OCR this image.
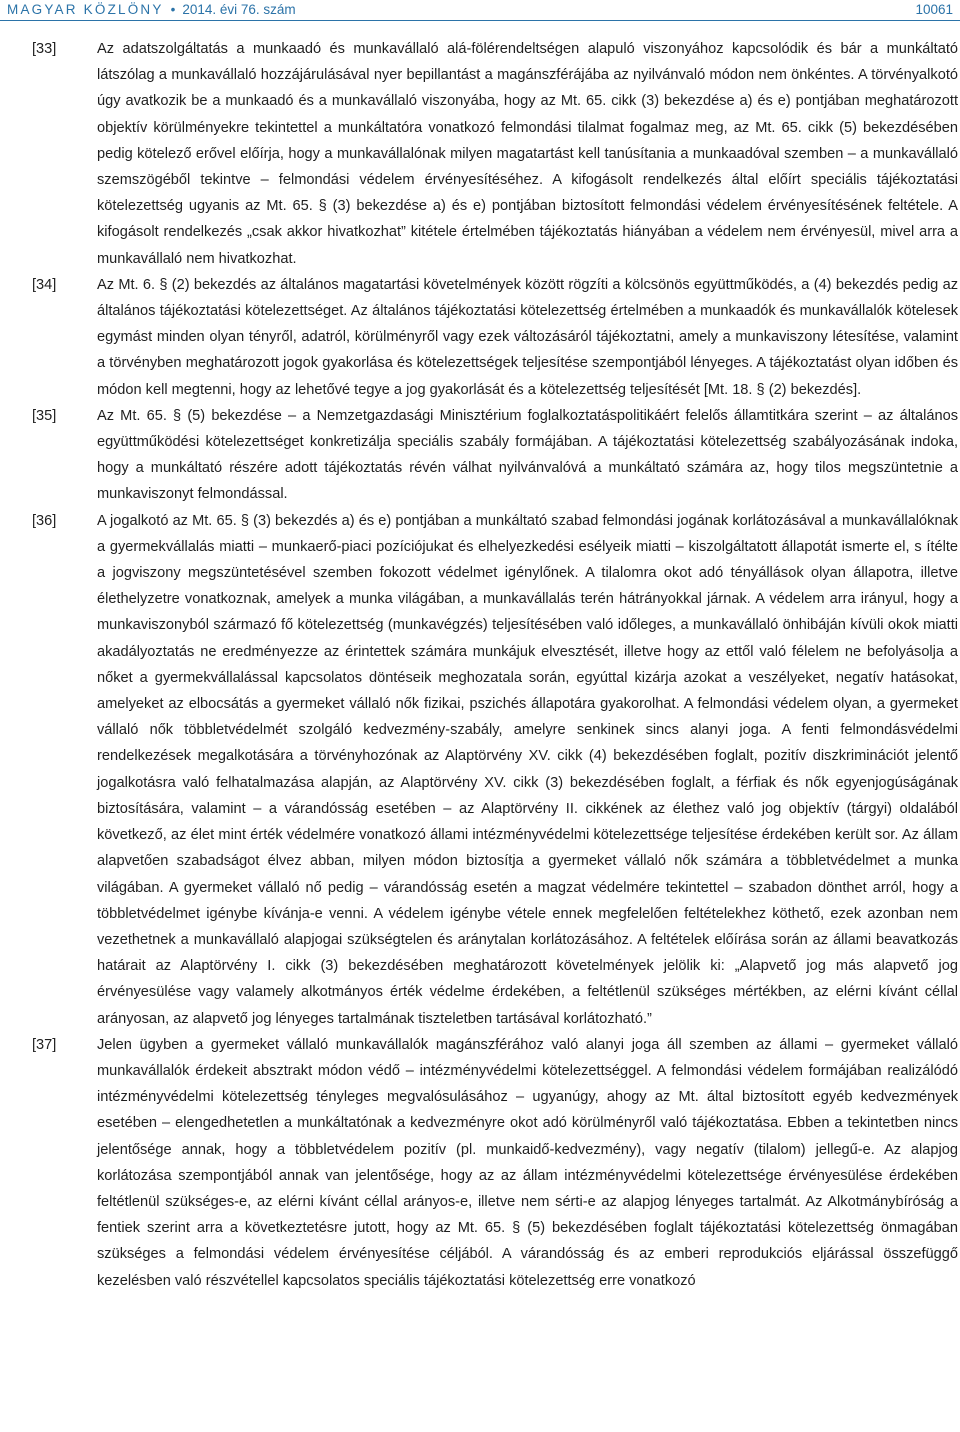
MAGYAR KÖZLÖNY • 2014. évi 76. szám	10061
[33]	Az adatszolgáltatás a munkaadó és munkavállaló alá-fölérendeltségen alapuló viszonyához kapcsolódik és bár a munkáltató látszólag a munkavállaló hozzájárulásával nyer bepillantást a magánszférájába az nyilvánvaló módon nem önkéntes. A törvényalkotó úgy avatkozik be a munkaadó és a munkavállaló viszonyába, hogy az Mt. 65. cikk (3) bekezdése a) és e) pontjában meghatározott objektív körülményekre tekintettel a munkáltatóra vonatkozó felmondási tilalmat fogalmaz meg, az Mt. 65. cikk (5) bekezdésében pedig kötelező erővel előírja, hogy a munkavállalónak milyen magatartást kell tanúsítania a munkaadóval szemben – a munkavállaló szemszögéből tekintve – felmondási védelem érvényesítéséhez. A kifogásolt rendelkezés által előírt speciális tájékoztatási kötelezettség ugyanis az Mt. 65. § (3) bekezdése a) és e) pontjában biztosított felmondási védelem érvényesítésének feltétele. A kifogásolt rendelkezés „csak akkor hivatkozhat” kitétele értelmében tájékoztatás hiányában a védelem nem érvényesül, mivel arra a munkavállaló nem hivatkozhat.
[34]	Az Mt. 6. § (2) bekezdés az általános magatartási követelmények között rögzíti a kölcsönös együttműködés, a (4) bekezdés pedig az általános tájékoztatási kötelezettséget. Az általános tájékoztatási kötelezettség értelmében a munkaadók és munkavállalók kötelesek egymást minden olyan tényről, adatról, körülményről vagy ezek változásáról tájékoztatni, amely a munkaviszony létesítése, valamint a törvényben meghatározott jogok gyakorlása és kötelezettségek teljesítése szempontjából lényeges. A tájékoztatást olyan időben és módon kell megtenni, hogy az lehetővé tegye a jog gyakorlását és a kötelezettség teljesítését [Mt. 18. § (2) bekezdés].
[35]	Az Mt. 65. § (5) bekezdése – a Nemzetgazdasági Minisztérium foglalkoztatáspolitikáért felelős államtitkára szerint – az általános együttműködési kötelezettséget konkretizálja speciális szabály formájában. A tájékoztatási kötelezettség szabályozásának indoka, hogy a munkáltató részére adott tájékoztatás révén válhat nyilvánvalóvá a munkáltató számára az, hogy tilos megszüntetnie a munkaviszonyt felmondással.
[36]	A jogalkotó az Mt. 65. § (3) bekezdés a) és e) pontjában a munkáltató szabad felmondási jogának korlátozásával a munkavállalóknak a gyermekvállalás miatti – munkaerő-piaci pozíciójukat és elhelyezkedési esélyeik miatti – kiszolgáltatott állapotát ismerte el, s ítélte a jogviszony megszüntetésével szemben fokozott védelmet igénylőnek. A tilalomra okot adó tényállások olyan állapotra, illetve élethelyzetre vonatkoznak, amelyek a munka világában, a munkavállalás terén hátrányokkal járnak. A védelem arra irányul, hogy a munkaviszonyból származó fő kötelezettség (munkavégzés) teljesítésében való időleges, a munkavállaló önhibáján kívüli okok miatti akadályoztatás ne eredményezze az érintettek számára munkájuk elvesztését, illetve hogy az ettől való félelem ne befolyásolja a nőket a gyermekvállalással kapcsolatos döntéseik meghozatala során, egyúttal kizárja azokat a veszélyeket, negatív hatásokat, amelyeket az elbocsátás a gyermeket vállaló nők fizikai, pszichés állapotára gyakorolhat. A felmondási védelem olyan, a gyermeket vállaló nők többletvédelmét szolgáló kedvezmény-szabály, amelyre senkinek sincs alanyi joga. A fenti felmondásvédelmi rendelkezések megalkotására a törvényhozónak az Alaptörvény XV. cikk (4) bekezdésében foglalt, pozitív diszkriminációt jelentő jogalkotásra való felhatalmazása alapján, az Alaptörvény XV. cikk (3) bekezdésében foglalt, a férfiak és nők egyenjogúságának biztosítására, valamint – a várandósság esetében – az Alaptörvény II. cikkének az élethez való jog objektív (tárgyi) oldalából következő, az élet mint érték védelmére vonatkozó állami intézményvédelmi kötelezettsége teljesítése érdekében került sor. Az állam alapvetően szabadságot élvez abban, milyen módon biztosítja a gyermeket vállaló nők számára a többletvédelmet a munka világában. A gyermeket vállaló nő pedig – várandósság esetén a magzat védelmére tekintettel – szabadon dönthet arról, hogy a többletvédelmet igénybe kívánja-e venni. A védelem igénybe vétele ennek megfelelően feltételekhez köthető, ezek azonban nem vezethetnek a munkavállaló alapjogai szükségtelen és aránytalan korlátozásához. A feltételek előírása során az állami beavatkozás határait az Alaptörvény I. cikk (3) bekezdésében meghatározott követelmények jelölik ki: „Alapvető jog más alapvető jog érvényesülése vagy valamely alkotmányos érték védelme érdekében, a feltétlenül szükséges mértékben, az elérni kívánt céllal arányosan, az alapvető jog lényeges tartalmának tiszteletben tartásával korlátozható.”
[37]	Jelen ügyben a gyermeket vállaló munkavállalók magánszférához való alanyi joga áll szemben az állami – gyermeket vállaló munkavállalók érdekeit absztrakt módon védő – intézményvédelmi kötelezettséggel. A felmondási védelem formájában realizálódó intézményvédelmi kötelezettség tényleges megvalósulásához – ugyanúgy, ahogy az Mt. által biztosított egyéb kedvezmények esetében – elengedhetetlen a munkáltatónak a kedvezményre okot adó körülményről való tájékoztatása. Ebben a tekintetben nincs jelentősége annak, hogy a többletvédelem pozitív (pl. munkaidő-kedvezmény), vagy negatív (tilalom) jellegű-e. Az alapjog korlátozása szempontjából annak van jelentősége, hogy az az állam intézményvédelmi kötelezettsége érvényesülése érdekében feltétlenül szükséges-e, az elérni kívánt céllal arányos-e, illetve nem sérti-e az alapjog lényeges tartalmát. Az Alkotmánybíróság a fentiek szerint arra a következtetésre jutott, hogy az Mt. 65. § (5) bekezdésében foglalt tájékoztatási kötelezettség önmagában szükséges a felmondási védelem érvényesítése céljából. A várandósság és az emberi reprodukciós eljárással összefüggő kezelésben való részvétellel kapcsolatos speciális tájékoztatási kötelezettség erre vonatkozó
